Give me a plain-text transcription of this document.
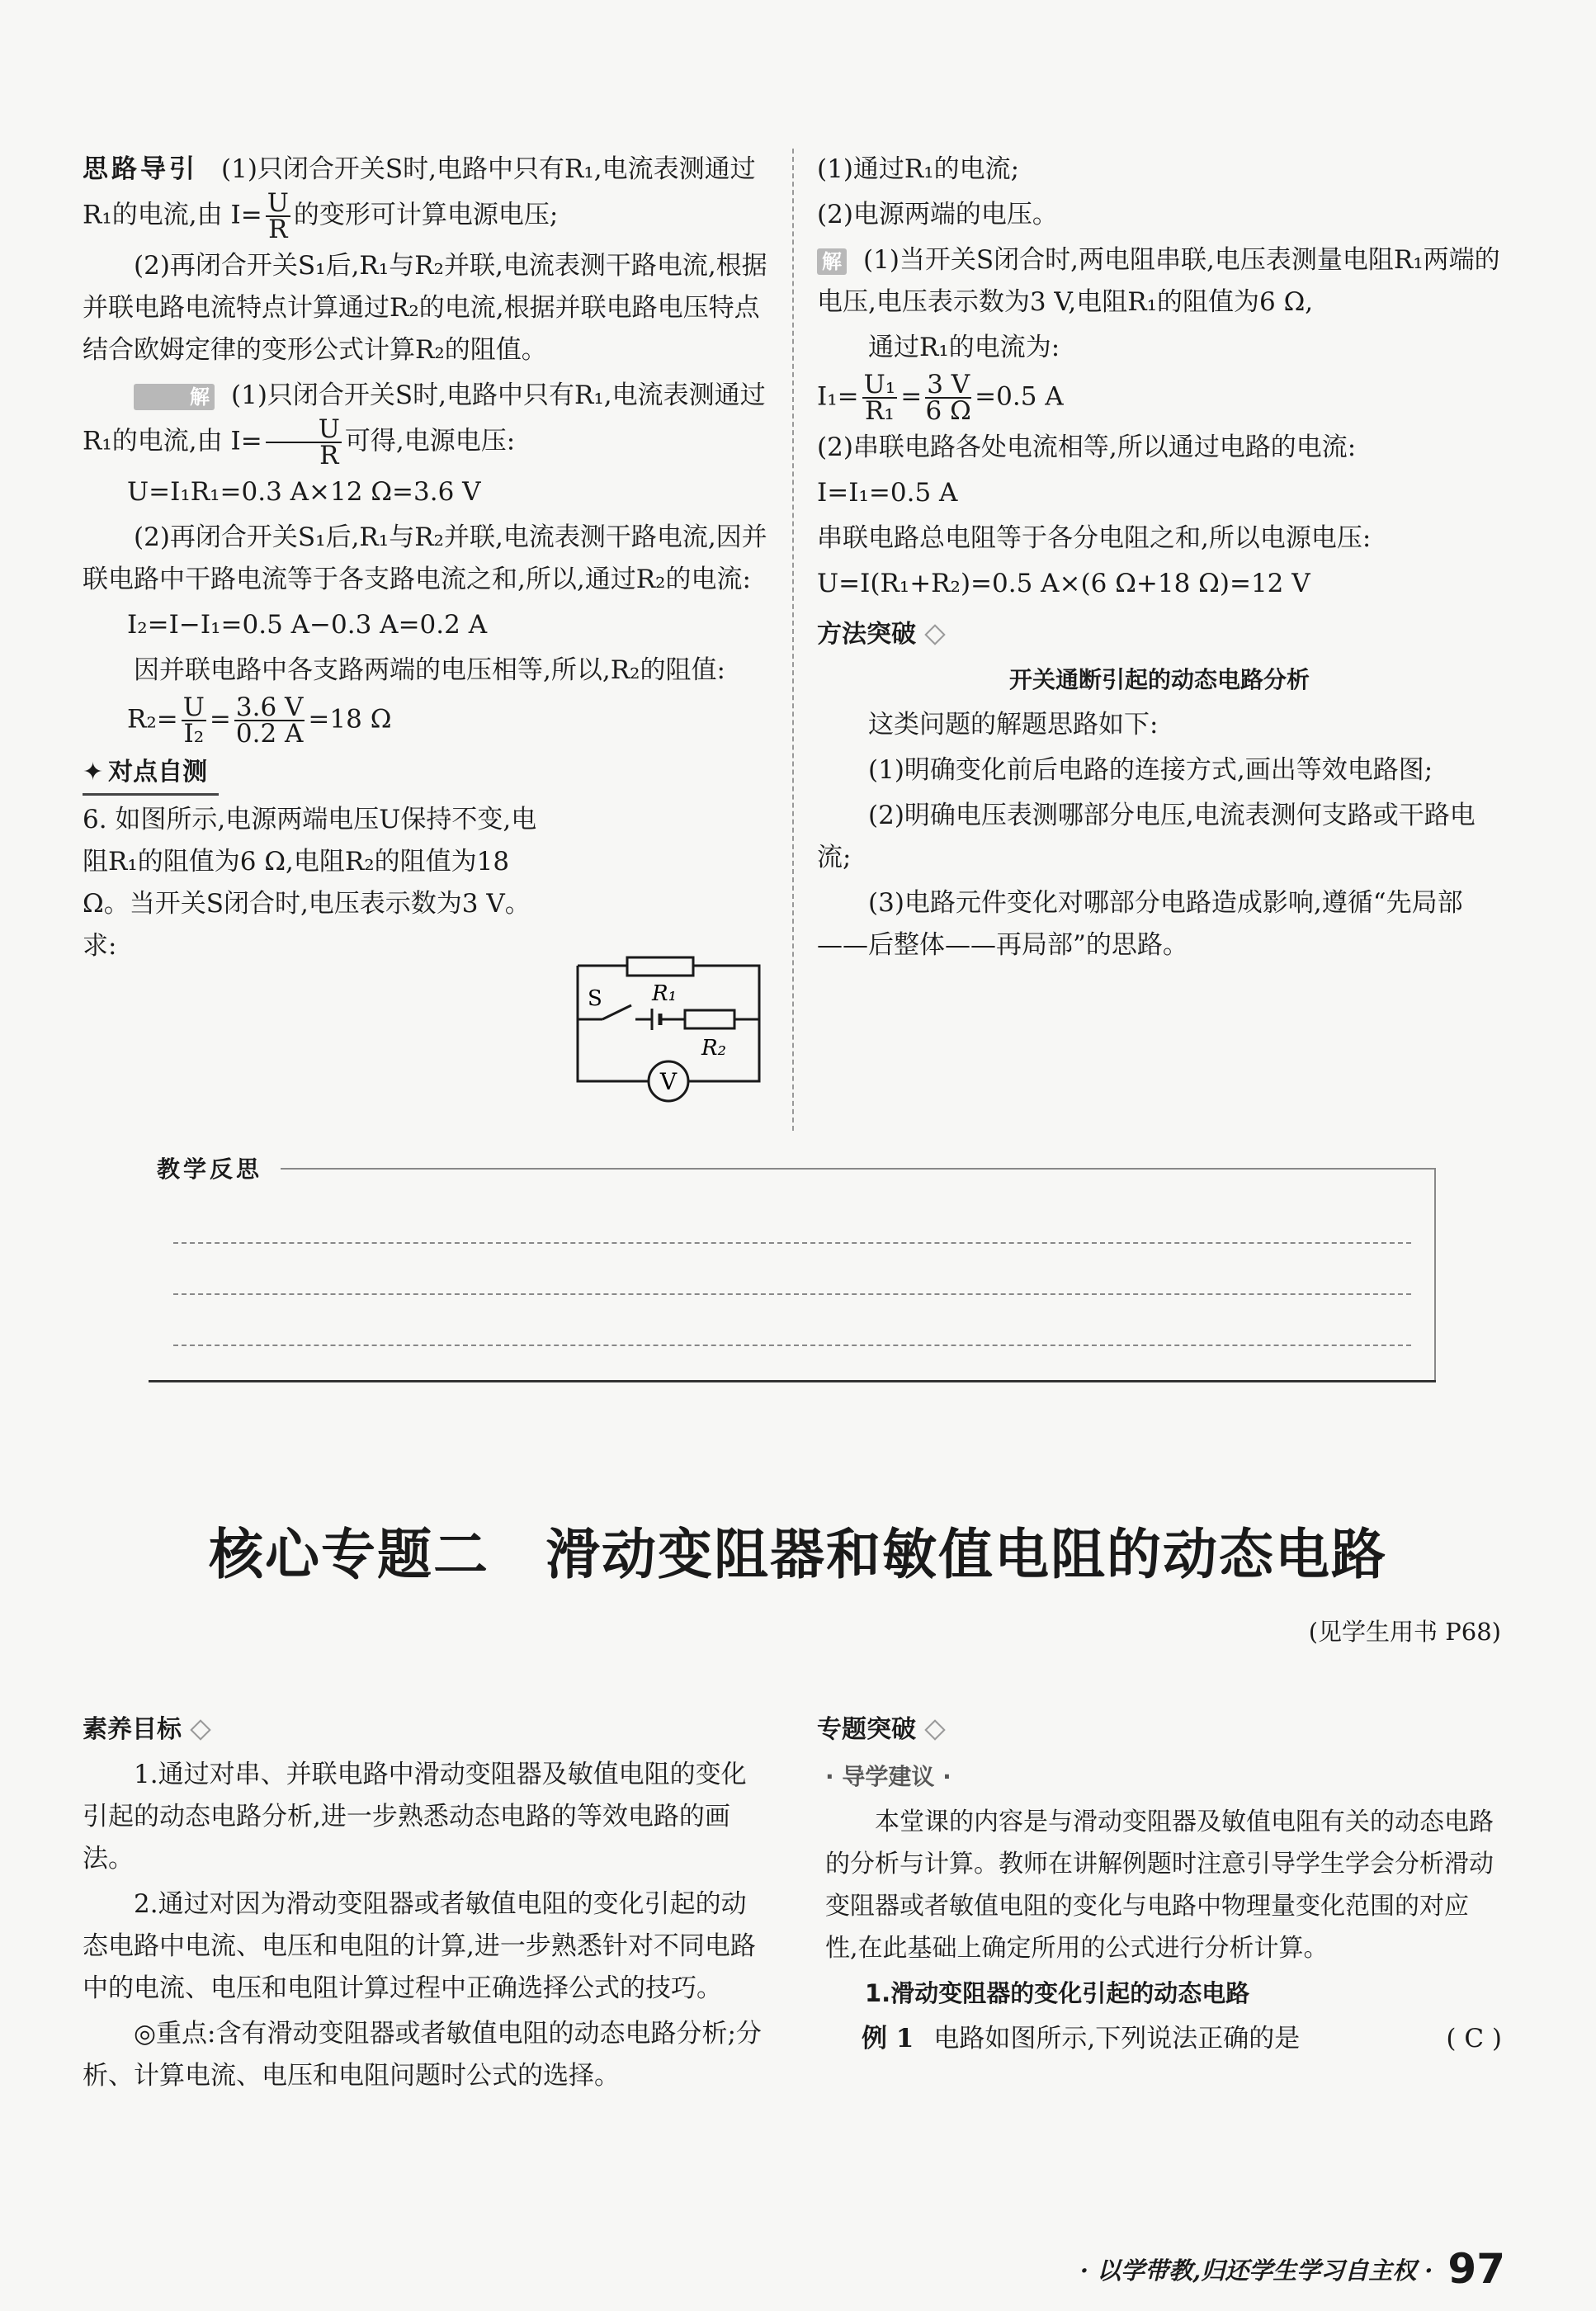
思路导引 (1)只闭合开关S时,电路中只有R₁,电流表测通过R₁的电流,由 $I= \frac{U}{R}$ 的变形可计算电源电压;
(2)再闭合开关S₁后,R₁与R₂并联,电流表测干路电流,根据并联电路电流特点计算通过R₂的电流,根据并联电路电压特点结合欧姆定律的变形公式计算R₂的阻值。
解 (1)只闭合开关S时,电路中只有R₁,电流表测通过R₁的电流,由 $I= \frac{U}{R}$ 可得,电源电压:
U=I₁R₁=0.3 A×12 Ω=3.6 V
(2)再闭合开关S₁后,R₁与R₂并联,电流表测干路电流,因并联电路中干路电流等于各支路电流之和,所以,通过R₂的电流:
I₂=I−I₁=0.5 A−0.3 A=0.2 A
因并联电路中各支路两端的电压相等,所以,R₂的阻值:
$R_2= \frac{U}{\text{I₂}} = \frac{3.6 V}{0.2 A} =18$ Ω
✦ 对点自测
6. 如图所示,电源两端电压U保持不变,电阻R₁的阻值为6 Ω,电阻R₂的阻值为18 Ω。当开关S闭合时,电压表示数为3 V。求:
V
R₁
R₂
S
(1)通过R₁的电流;
(2)电源两端的电压。
解 (1)当开关S闭合时,两电阻串联,电压表测量电阻R₁两端的电压,电压表示数为3 V,电阻R₁的阻值为6 Ω,
通过R₁的电流为:
$I_1= \frac{\text{U₁}}{\text{R₁}} = \frac{3 V}{6 \Omega} =0.5$ A
(2)串联电路各处电流相等,所以通过电路的电流:
I=I₁=0.5 A
串联电路总电阻等于各分电阻之和,所以电源电压:
U=I(R₁+R₂)=0.5 A×(6 Ω+18 Ω)=12 V
方法突破
开关通断引起的动态电路分析
这类问题的解题思路如下:
(1)明确变化前后电路的连接方式,画出等效电路图;
(2)明确电压表测哪部分电压,电流表测何支路或干路电流;
(3)电路元件变化对哪部分电路造成影响,遵循“先局部——后整体——再局部”的思路。
教学反思
核心专题二　滑动变阻器和敏值电阻的动态电路
(见学生用书 P68)
素养目标
1.通过对串、并联电路中滑动变阻器及敏值电阻的变化引起的动态电路分析,进一步熟悉动态电路的等效电路的画法。
2.通过对因为滑动变阻器或者敏值电阻的变化引起的动态电路中电流、电压和电阻的计算,进一步熟悉针对不同电路中的电流、电压和电阻计算过程中正确选择公式的技巧。
◎重点:含有滑动变阻器或者敏值电阻的动态电路分析;分析、计算电流、电压和电阻问题时公式的选择。
专题突破
· 导学建议 ·
本堂课的内容是与滑动变阻器及敏值电阻有关的动态电路的分析与计算。教师在讲解例题时注意引导学生学会分析滑动变阻器或者敏值电阻的变化与电路中物理量变化范围的对应性,在此基础上确定所用的公式进行分析计算。
1.滑动变阻器的变化引起的动态电路
例 1 电路如图所示,下列说法正确的是	( C )
· 以学带教,归还学生学习自主权 · 97
